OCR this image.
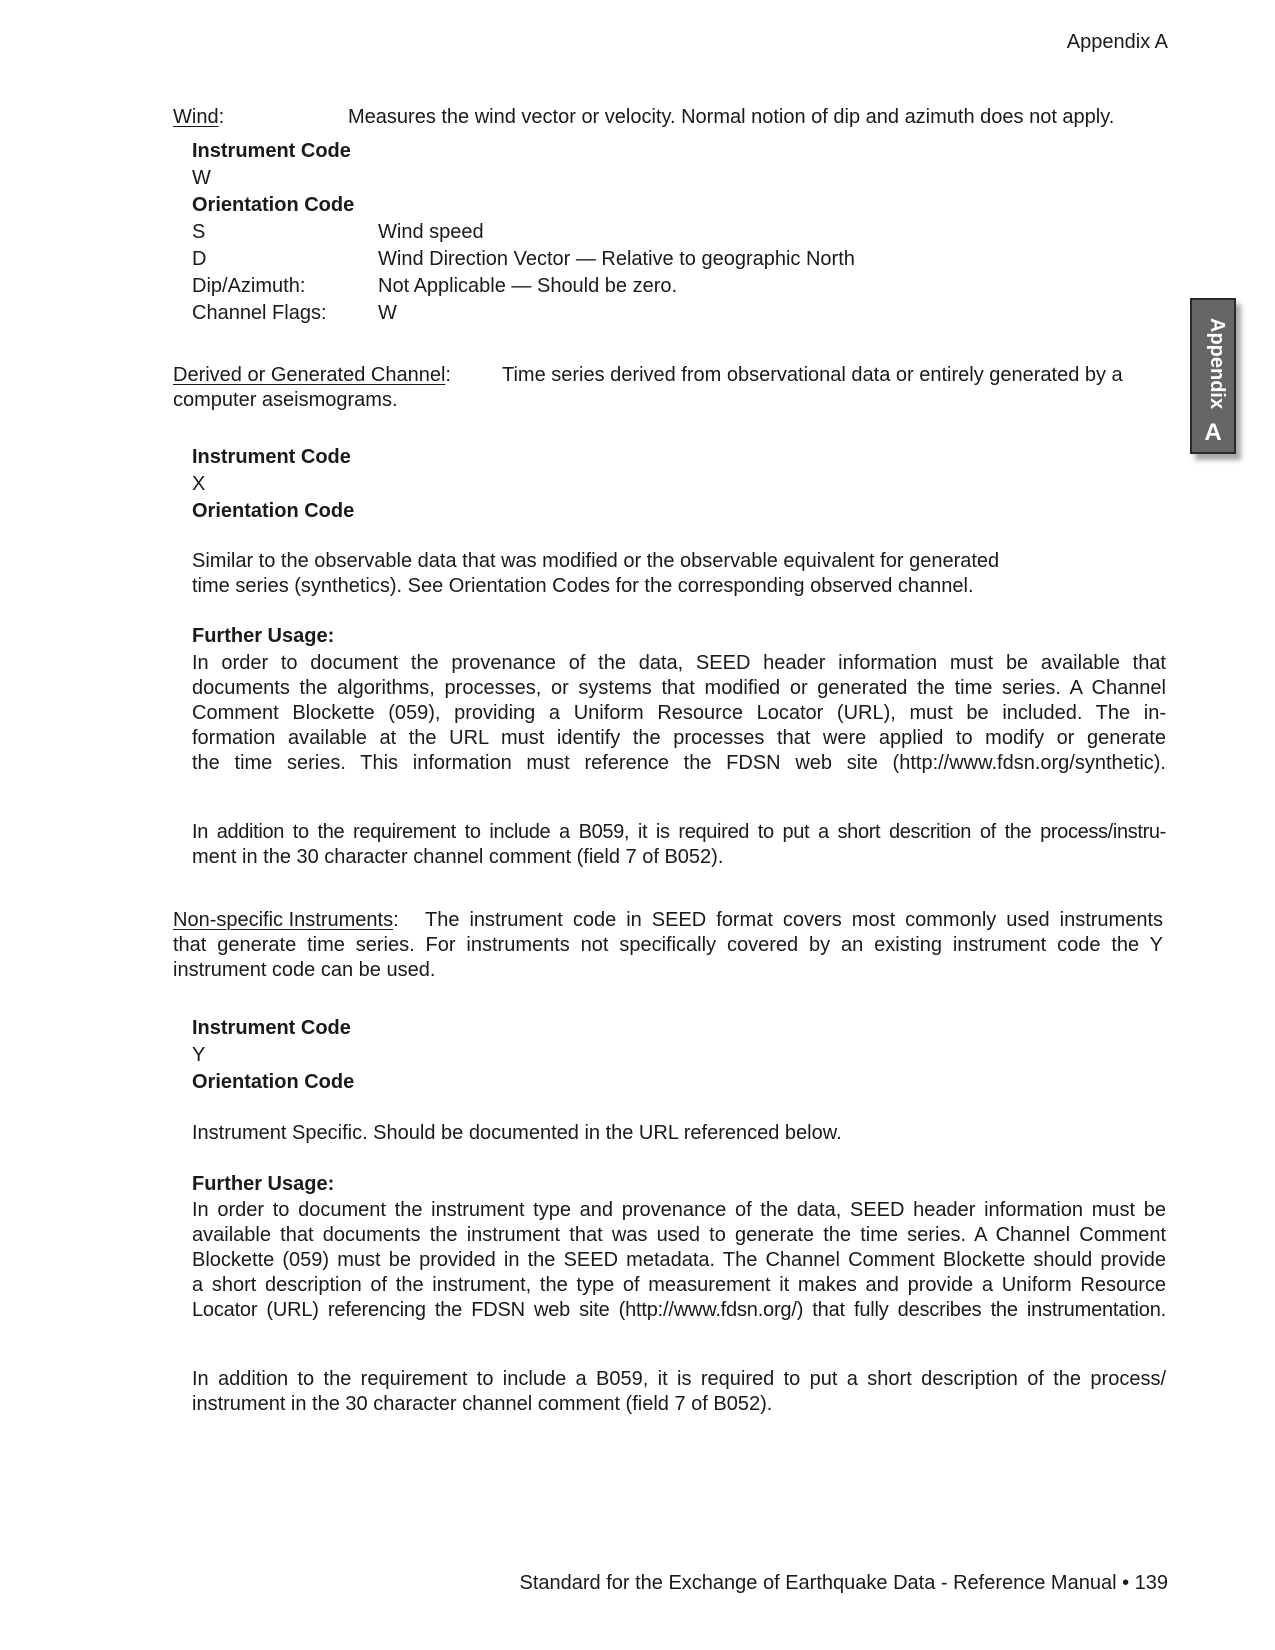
Appendix A
Appendix
A
Wind:	Measures the wind vector or velocity. Normal notion of dip and azimuth does not apply.
Instrument Code
W
Orientation Code
S	Wind speed
D	Wind Direction Vector — Relative to geographic North
Dip/Azimuth:	Not Applicable — Should be zero.
Channel Flags:	W
Derived or Generated Channel:	Time series derived from observational data or entirely generated by a
computer aseismograms.
Instrument Code
X
Orientation Code
Similar to the observable data that was modified or the observable equivalent for generated
time series (synthetics). See Orientation Codes for the corresponding observed channel.
Further Usage:
In order to document the provenance of the data, SEED header information must be available that
documents the algorithms, processes, or systems that modified or generated the time series. A Channel
Comment Blockette (059), providing a Uniform Resource Locator (URL), must be included. The in-
formation available at the URL must identify the processes that were applied to modify or generate
the time series. This information must reference the FDSN web site (http://www.fdsn.org/synthetic).
In addition to the requirement to include a B059, it is required to put a short descrition of the process/instru-
ment in the 30 character channel comment (field 7 of B052).
Non-specific Instruments:	The instrument code in SEED format covers most commonly used instruments
that generate time series. For instruments not specifically covered by an existing instrument code the Y
instrument code can be used.
Instrument Code
Y
Orientation Code
Instrument Specific. Should be documented in the URL referenced below.
Further Usage:
In order to document the instrument type and provenance of the data, SEED header information must be
available that documents the instrument that was used to generate the time series. A Channel Comment
Blockette (059) must be provided in the SEED metadata. The Channel Comment Blockette should provide
a short description of the instrument, the type of measurement it makes and provide a Uniform Resource
Locator (URL) referencing the FDSN web site (http://www.fdsn.org/) that fully describes the instrumentation.
In addition to the requirement to include a B059, it is required to put a short description of the process/
instrument in the 30 character channel comment (field 7 of B052).
Standard for the Exchange of Earthquake Data - Reference Manual • 139
